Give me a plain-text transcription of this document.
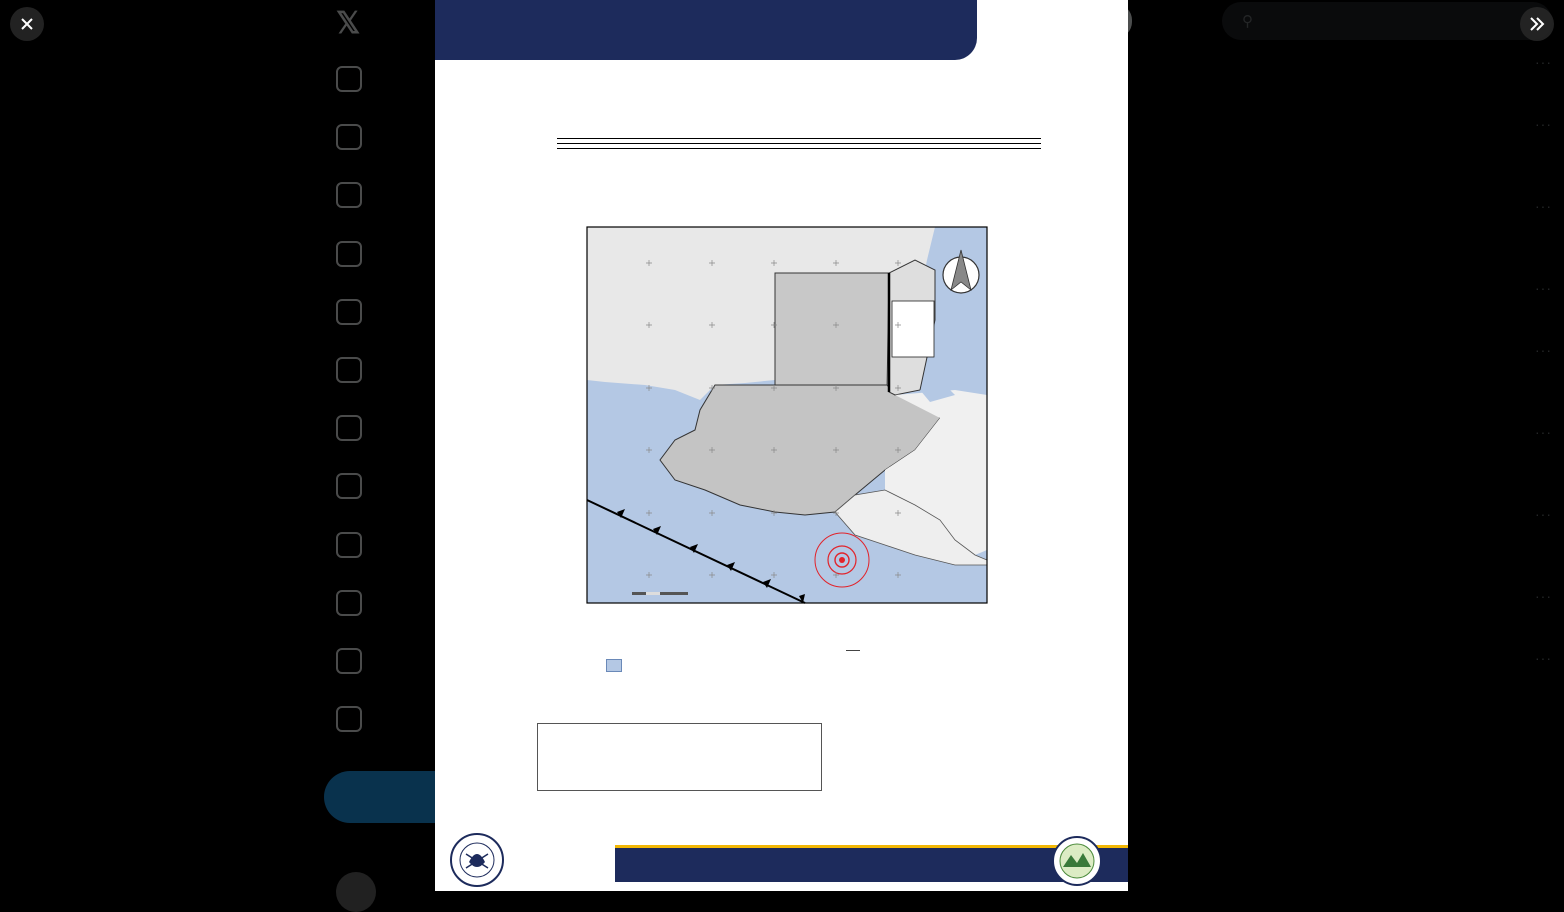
𝕏	⚲
···
···
···
···
···
···
···
···
···
